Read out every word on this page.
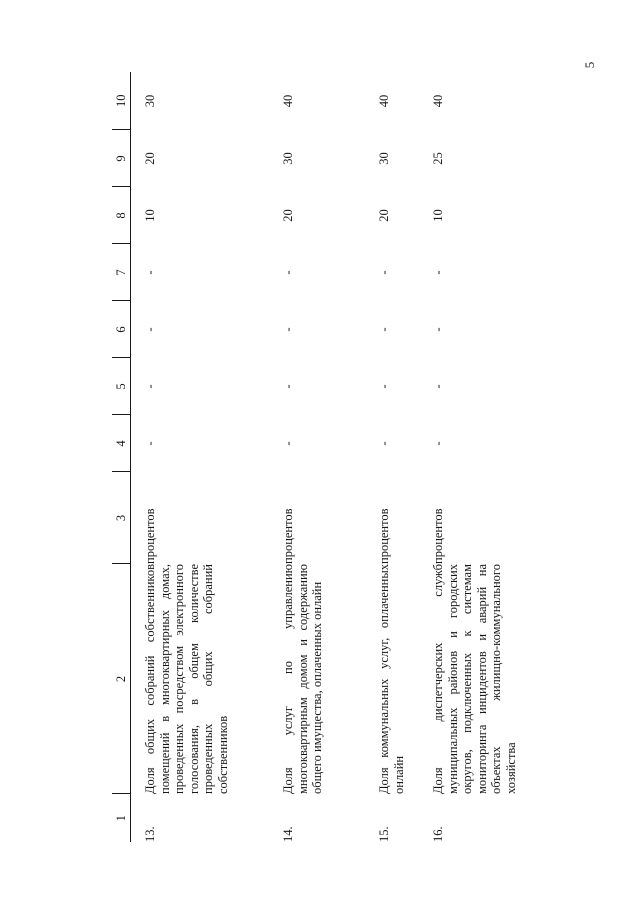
5
1	2	3	4	5	6	7	8	9	10
13.	Доля общих собраний собственников помещений в многоквартирных домах, проведенных посредством электронного голосования, в общем количестве проведенных общих собраний собственников	процентов	-	-	-	-	10	20	30
14.	Доля услуг по управлению многоквартирным домом и содержанию общего имущества, оплаченных онлайн	процентов	-	-	-	-	20	30	40
15.	Доля коммунальных услуг, оплаченных онлайн	процентов	-	-	-	-	20	30	40
16.	Доля диспетчерских служб муниципальных районов и городских округов, подключенных к системам мониторинга инцидентов и аварий на объектах жилищно-коммунального хозяйства	процентов	-	-	-	-	10	25	40
